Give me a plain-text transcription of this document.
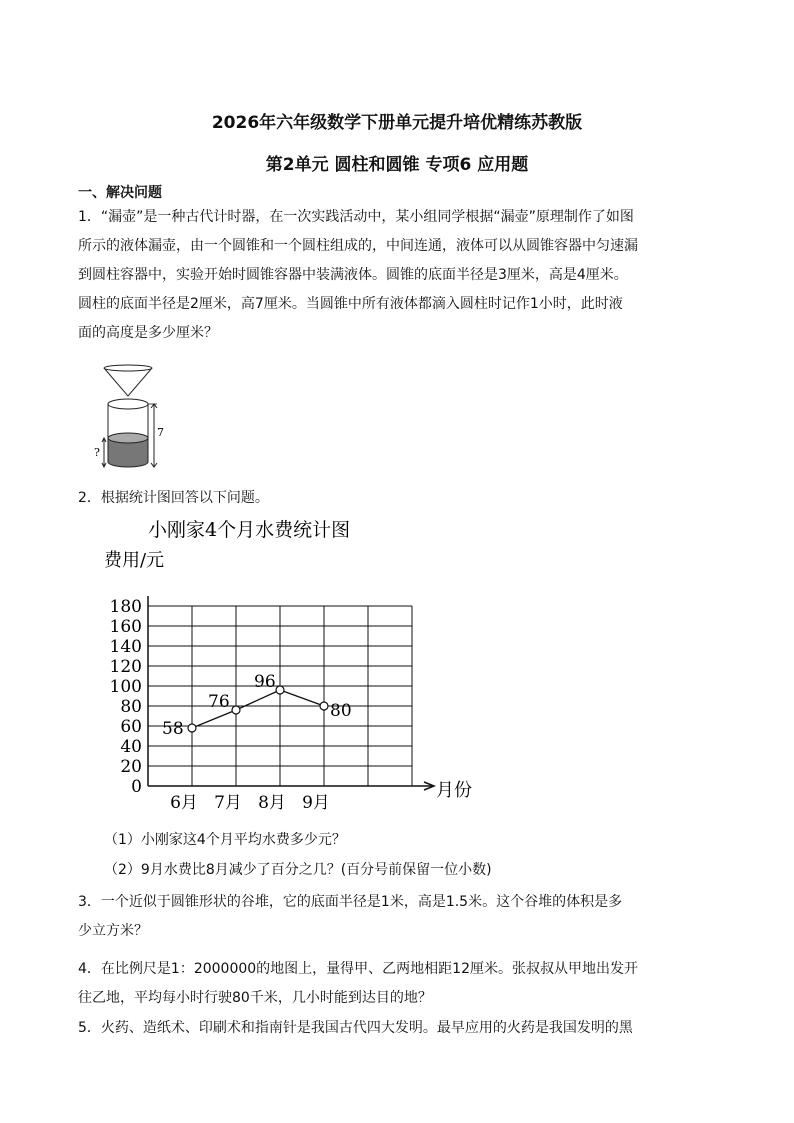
2026年六年级数学下册单元提升培优精练苏教版
第2单元 圆柱和圆锥 专项6 应用题
一、解决问题
1．“漏壶”是一种古代计时器，在一次实践活动中，某小组同学根据“漏壶”原理制作了如图
所示的液体漏壶，由一个圆锥和一个圆柱组成的，中间连通，液体可以从圆锥容器中匀速漏
到圆柱容器中，实验开始时圆锥容器中装满液体。圆锥的底面半径是3厘米，高是4厘米。
圆柱的底面半径是2厘米，高7厘米。当圆锥中所有液体都滴入圆柱时记作1小时，此时液
面的高度是多少厘米？
7
?
2．根据统计图回答以下问题。
小刚家4个月水费统计图
费用/元
0
20
40
60
80
100
120
140
160
180
6月 7月 8月 9月
58
76
96
80
月份
（1）小刚家这4个月平均水费多少元？
（2）9月水费比8月减少了百分之几？(百分号前保留一位小数)
3．一个近似于圆锥形状的谷堆，它的底面半径是1米，高是1.5米。这个谷堆的体积是多
少立方米？
4．在比例尺是1：2000000的地图上，量得甲、乙两地相距12厘米。张叔叔从甲地出发开
往乙地，平均每小时行驶80千米，几小时能到达目的地？
5．火药、造纸术、印刷术和指南针是我国古代四大发明。最早应用的火药是我国发明的黑
